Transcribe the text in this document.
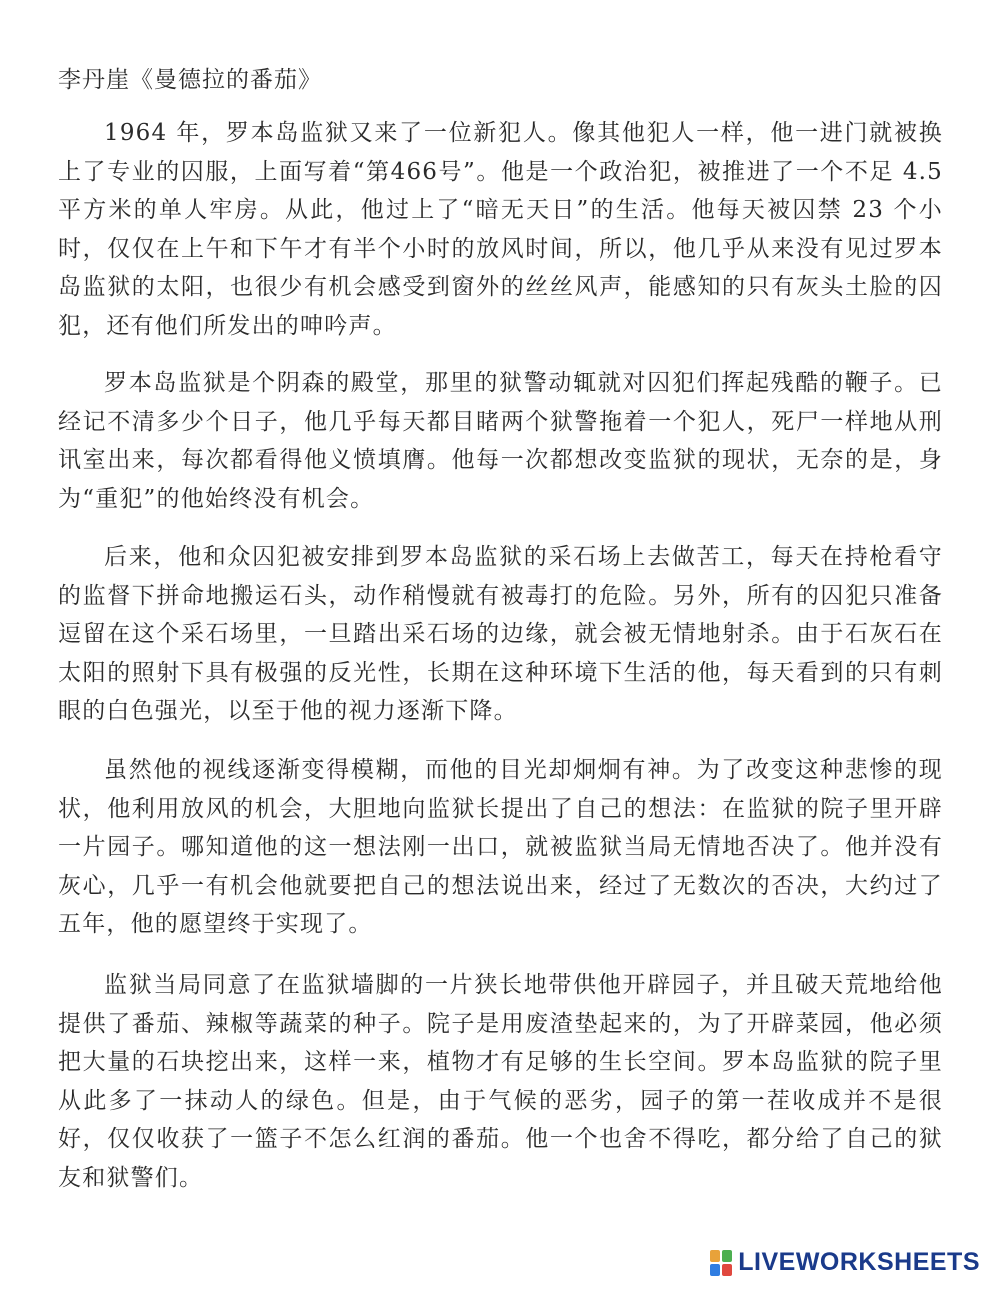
李丹崖《曼德拉的番茄》

1964 年，罗本岛监狱又来了一位新犯人。像其他犯人一样，他一进门就被换上了专业的囚服，上面写着“第466号”。他是一个政治犯，被推进了一个不足 4.5 平方米的单人牢房。从此，他过上了“暗无天日”的生活。他每天被囚禁 23 个小时，仅仅在上午和下午才有半个小时的放风时间，所以，他几乎从来没有见过罗本岛监狱的太阳，也很少有机会感受到窗外的丝丝风声，能感知的只有灰头土脸的囚犯，还有他们所发出的呻吟声。

罗本岛监狱是个阴森的殿堂，那里的狱警动辄就对囚犯们挥起残酷的鞭子。已经记不清多少个日子，他几乎每天都目睹两个狱警拖着一个犯人，死尸一样地从刑讯室出来，每次都看得他义愤填膺。他每一次都想改变监狱的现状，无奈的是，身为“重犯”的他始终没有机会。

后来，他和众囚犯被安排到罗本岛监狱的采石场上去做苦工，每天在持枪看守的监督下拼命地搬运石头，动作稍慢就有被毒打的危险。另外，所有的囚犯只准备逗留在这个采石场里，一旦踏出采石场的边缘，就会被无情地射杀。由于石灰石在太阳的照射下具有极强的反光性，长期在这种环境下生活的他，每天看到的只有刺眼的白色强光，以至于他的视力逐渐下降。

虽然他的视线逐渐变得模糊，而他的目光却炯炯有神。为了改变这种悲惨的现状，他利用放风的机会，大胆地向监狱长提出了自己的想法：在监狱的院子里开辟一片园子。哪知道他的这一想法刚一出口，就被监狱当局无情地否决了。他并没有灰心，几乎一有机会他就要把自己的想法说出来，经过了无数次的否决，大约过了五年，他的愿望终于实现了。

监狱当局同意了在监狱墙脚的一片狭长地带供他开辟园子，并且破天荒地给他提供了番茄、辣椒等蔬菜的种子。院子是用废渣垫起来的，为了开辟菜园，他必须把大量的石块挖出来，这样一来，植物才有足够的生长空间。罗本岛监狱的院子里从此多了一抹动人的绿色。但是，由于气候的恶劣，园子的第一茬收成并不是很好，仅仅收获了一篮子不怎么红润的番茄。他一个也舍不得吃，都分给了自己的狱友和狱警们。

LIVEWORKSHEETS
